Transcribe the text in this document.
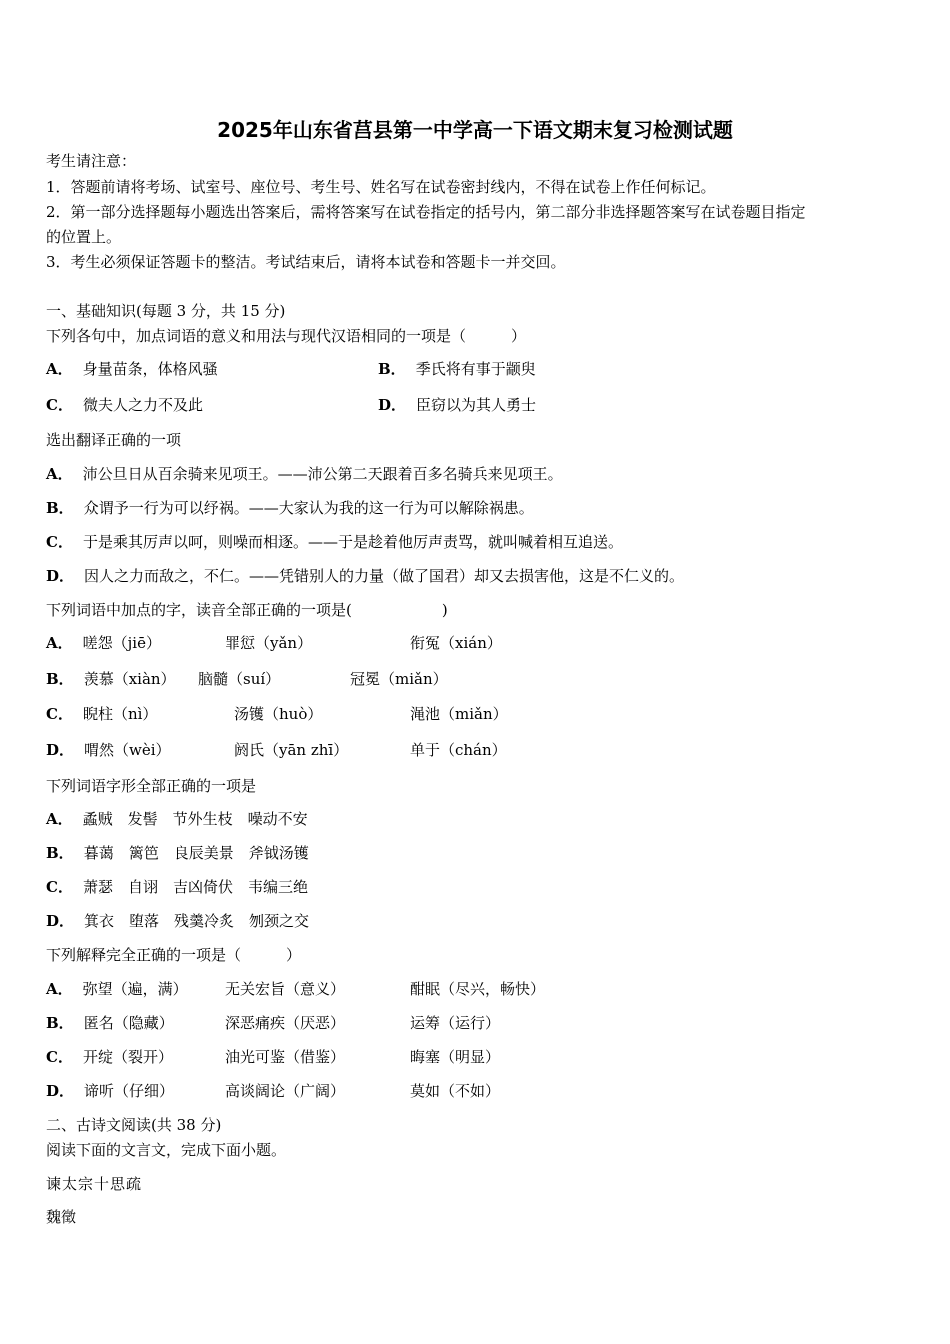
2025年山东省莒县第一中学高一下语文期末复习检测试题
考生请注意：
1．答题前请将考场、试室号、座位号、考生号、姓名写在试卷密封线内，不得在试卷上作任何标记。
2．第一部分选择题每小题选出答案后，需将答案写在试卷指定的括号内，第二部分非选择题答案写在试卷题目指定
的位置上。
3．考生必须保证答题卡的整洁。考试结束后，请将本试卷和答题卡一并交回。
一、基础知识(每题 3 分，共 15 分)
下列各句中，加点词语的意义和用法与现代汉语相同的一项是（　　　）
A． 身量苗条，体格风骚	B． 季氏将有事于颛臾
C． 微夫人之力不及此	D． 臣窃以为其人勇士
选出翻译正确的一项
A． 沛公旦日从百余骑来见项王。——沛公第二天跟着百多名骑兵来见项王。
B． 众谓予一行为可以纾祸。——大家认为我的这一行为可以解除祸患。
C． 于是乘其厉声以呵，则噪而相逐。——于是趁着他厉声责骂，就叫喊着相互追送。
D． 因人之力而敌之，不仁。——凭错别人的力量（做了国君）却又去损害他，这是不仁义的。
下列词语中加点的字，读音全部正确的一项是(　　　　　　)
A． 嗟怨（jiē）	罪愆（yǎn）	衔冤（xián）
B． 羡慕（xiàn） 脑髓（suí）	冠冕（miǎn）
C． 睨柱（nì）	汤镬（huò）	渑池（miǎn）
D． 喟然（wèi）	阏氏（yān zhī）	单于（chán）
下列词语字形全部正确的一项是
A． 蟊贼　发髻　节外生枝　噪动不安
B． 暮蔼　篱笆　良辰美景　斧钺汤镬
C． 萧瑟　自诩　吉凶倚伏　韦编三绝
D． 箕衣　堕落　残羹冷炙　刎颈之交
下列解释完全正确的一项是（　　　）
A． 弥望（遍，满） 无关宏旨（意义）	酣眠（尽兴，畅快）
B． 匿名（隐藏）	深恶痛疾（厌恶）	运筹（运行）
C． 开绽（裂开）	油光可鉴（借鉴）	晦塞（明显）
D． 谛听（仔细）	高谈阔论（广阔）	莫如（不如）
二、古诗文阅读(共 38 分)
阅读下面的文言文，完成下面小题。
谏太宗十思疏
魏徵
